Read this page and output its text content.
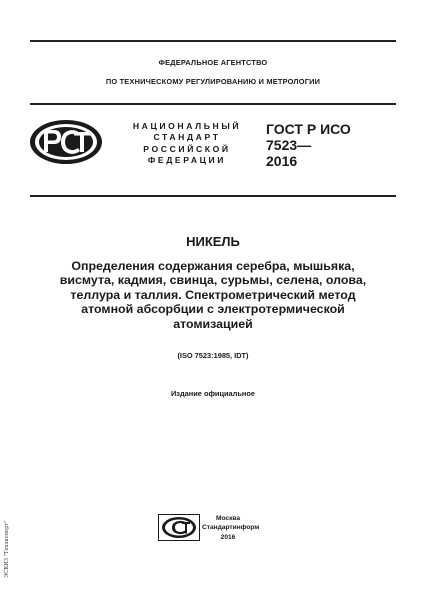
ФЕДЕРАЛЬНОЕ АГЕНТСТВО
ПО ТЕХНИЧЕСКОМУ РЕГУЛИРОВАНИЮ И МЕТРОЛОГИИ
НАЦИОНАЛЬНЫЙ
СТАНДАРТ
РОССИЙСКОЙ
ФЕДЕРАЦИИ
ГОСТ Р ИСО
7523—
2016
НИКЕЛЬ
Определения содержания серебра, мышьяка,
висмута, кадмия, свинца, сурьмы, селена, олова,
теллура и таллия. Спектрометрический метод
атомной абсорбции с электротермической
атомизацией
(ISO 7523:1985, IDT)
Издание официальное
Москва
Стандартинформ
2016
ЭСКИЗ "Техэксперт"
